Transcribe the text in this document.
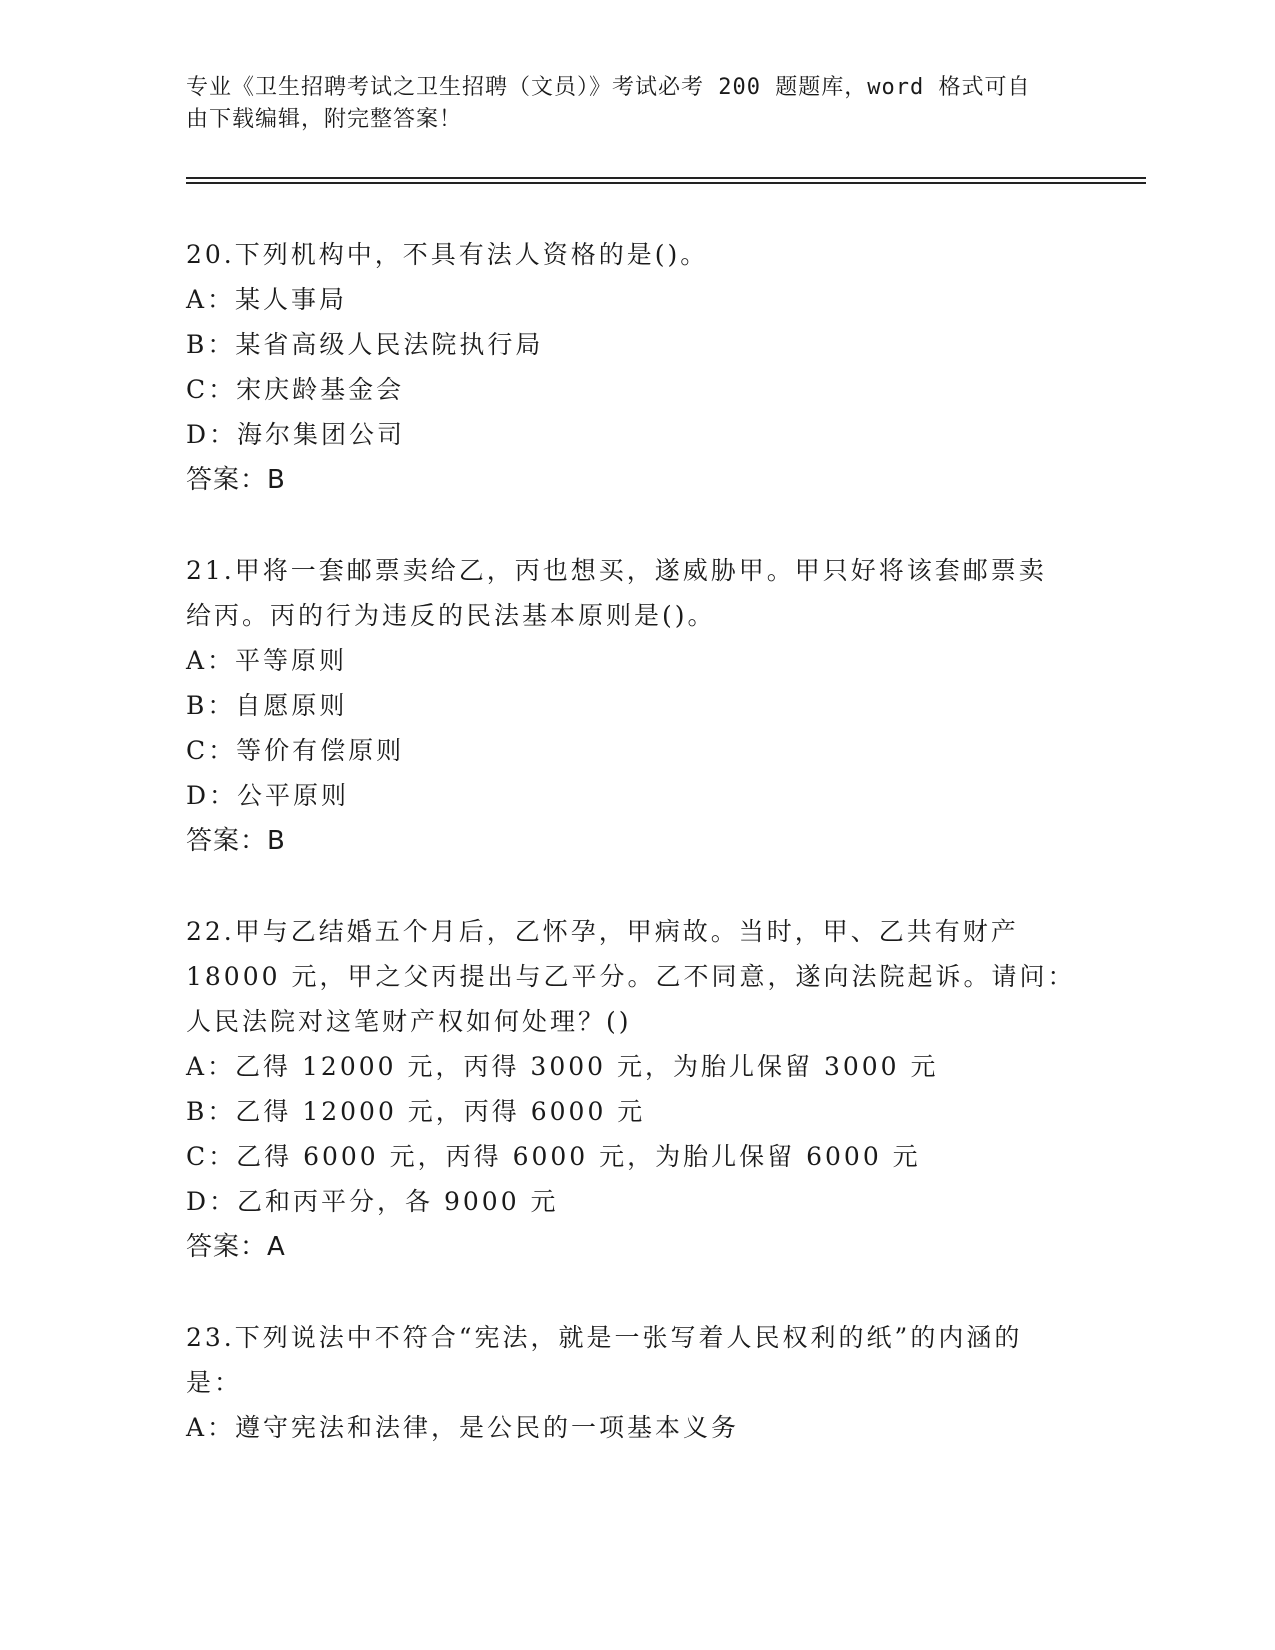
专业《卫生招聘考试之卫生招聘（文员）》考试必考 200 题题库，word 格式可自
由下载编辑，附完整答案！

20.下列机构中，不具有法人资格的是()。

A：某人事局

B：某省高级人民法院执行局

C：宋庆龄基金会

D：海尔集团公司

答案：B

21.甲将一套邮票卖给乙，丙也想买，遂威胁甲。甲只好将该套邮票卖

给丙。丙的行为违反的民法基本原则是()。

A：平等原则

B：自愿原则

C：等价有偿原则

D：公平原则

答案：B

22.甲与乙结婚五个月后，乙怀孕，甲病故。当时，甲、乙共有财产

18000 元，甲之父丙提出与乙平分。乙不同意，遂向法院起诉。请问：

人民法院对这笔财产权如何处理？()

A：乙得 12000 元，丙得 3000 元，为胎儿保留 3000 元

B：乙得 12000 元，丙得 6000 元

C：乙得 6000 元，丙得 6000 元，为胎儿保留 6000 元

D：乙和丙平分，各 9000 元

答案：A

23.下列说法中不符合“宪法，就是一张写着人民权利的纸”的内涵的

是：

A：遵守宪法和法律，是公民的一项基本义务
